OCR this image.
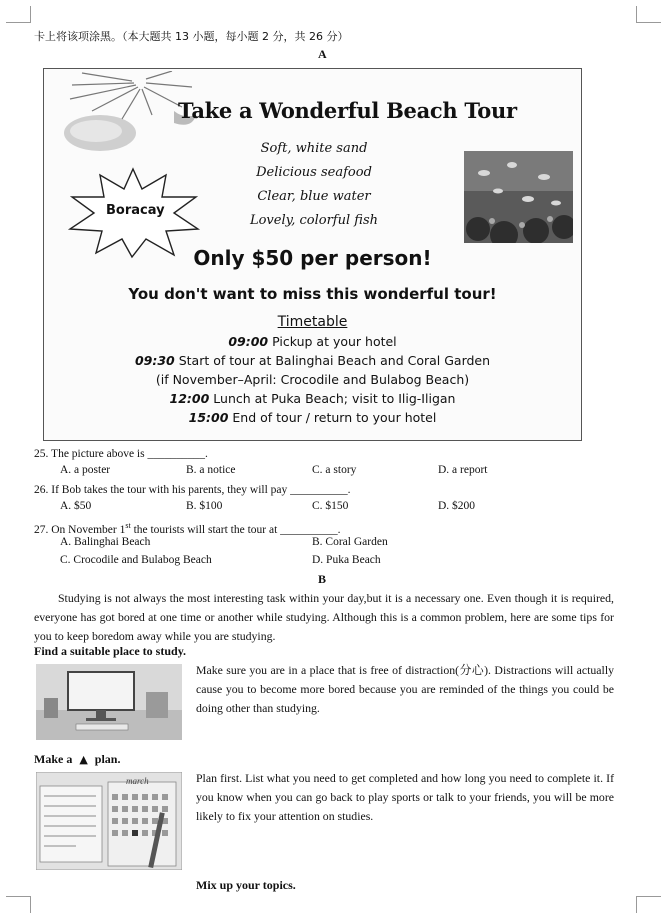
卡上将该项涂黑。（本大题共 13 小题，每小题 2 分，共 26 分）
A
Take a Wonderful Beach Tour
Boracay
Soft, white sand
Delicious seafood
Clear, blue water
Lovely, colorful fish
Only $50 per person!
You don't want to miss this wonderful tour!
Timetable
09:00 Pickup at your hotel
09:30 Start of tour at Balinghai Beach and Coral Garden
(if November–April: Crocodile and Bulabog Beach)
12:00 Lunch at Puka Beach; visit to Ilig-Iligan
15:00 End of tour / return to your hotel
25. The picture above is __________.
A. a poster	B. a notice	C. a story	D. a report
26. If Bob takes the tour with his parents, they will pay __________.
A. $50	B. $100	C. $150	D. $200
27. On November 1st the tourists will start the tour at __________.
A. Balinghai Beach	B. Coral Garden
C. Crocodile and Bulabog Beach	D. Puka Beach
B
Studying is not always the most interesting task within your day,but it is a necessary one. Even though it is required, everyone has got bored at one time or another while studying. Although this is a common problem, here are some tips for you to keep boredom away while you are studying.
Find a suitable place to study.
Make sure you are in a place that is free of distraction(分心). Distractions will actually cause you to become more bored because you are reminded of the things you could be doing other than studying.
Make a ▲ plan.
march	Plan first. List what you need to get completed and how long you need to complete it. If you know when you can go back to play sports or talk to your friends, you will be more likely to fix your attention on studies.
Mix up your topics.
